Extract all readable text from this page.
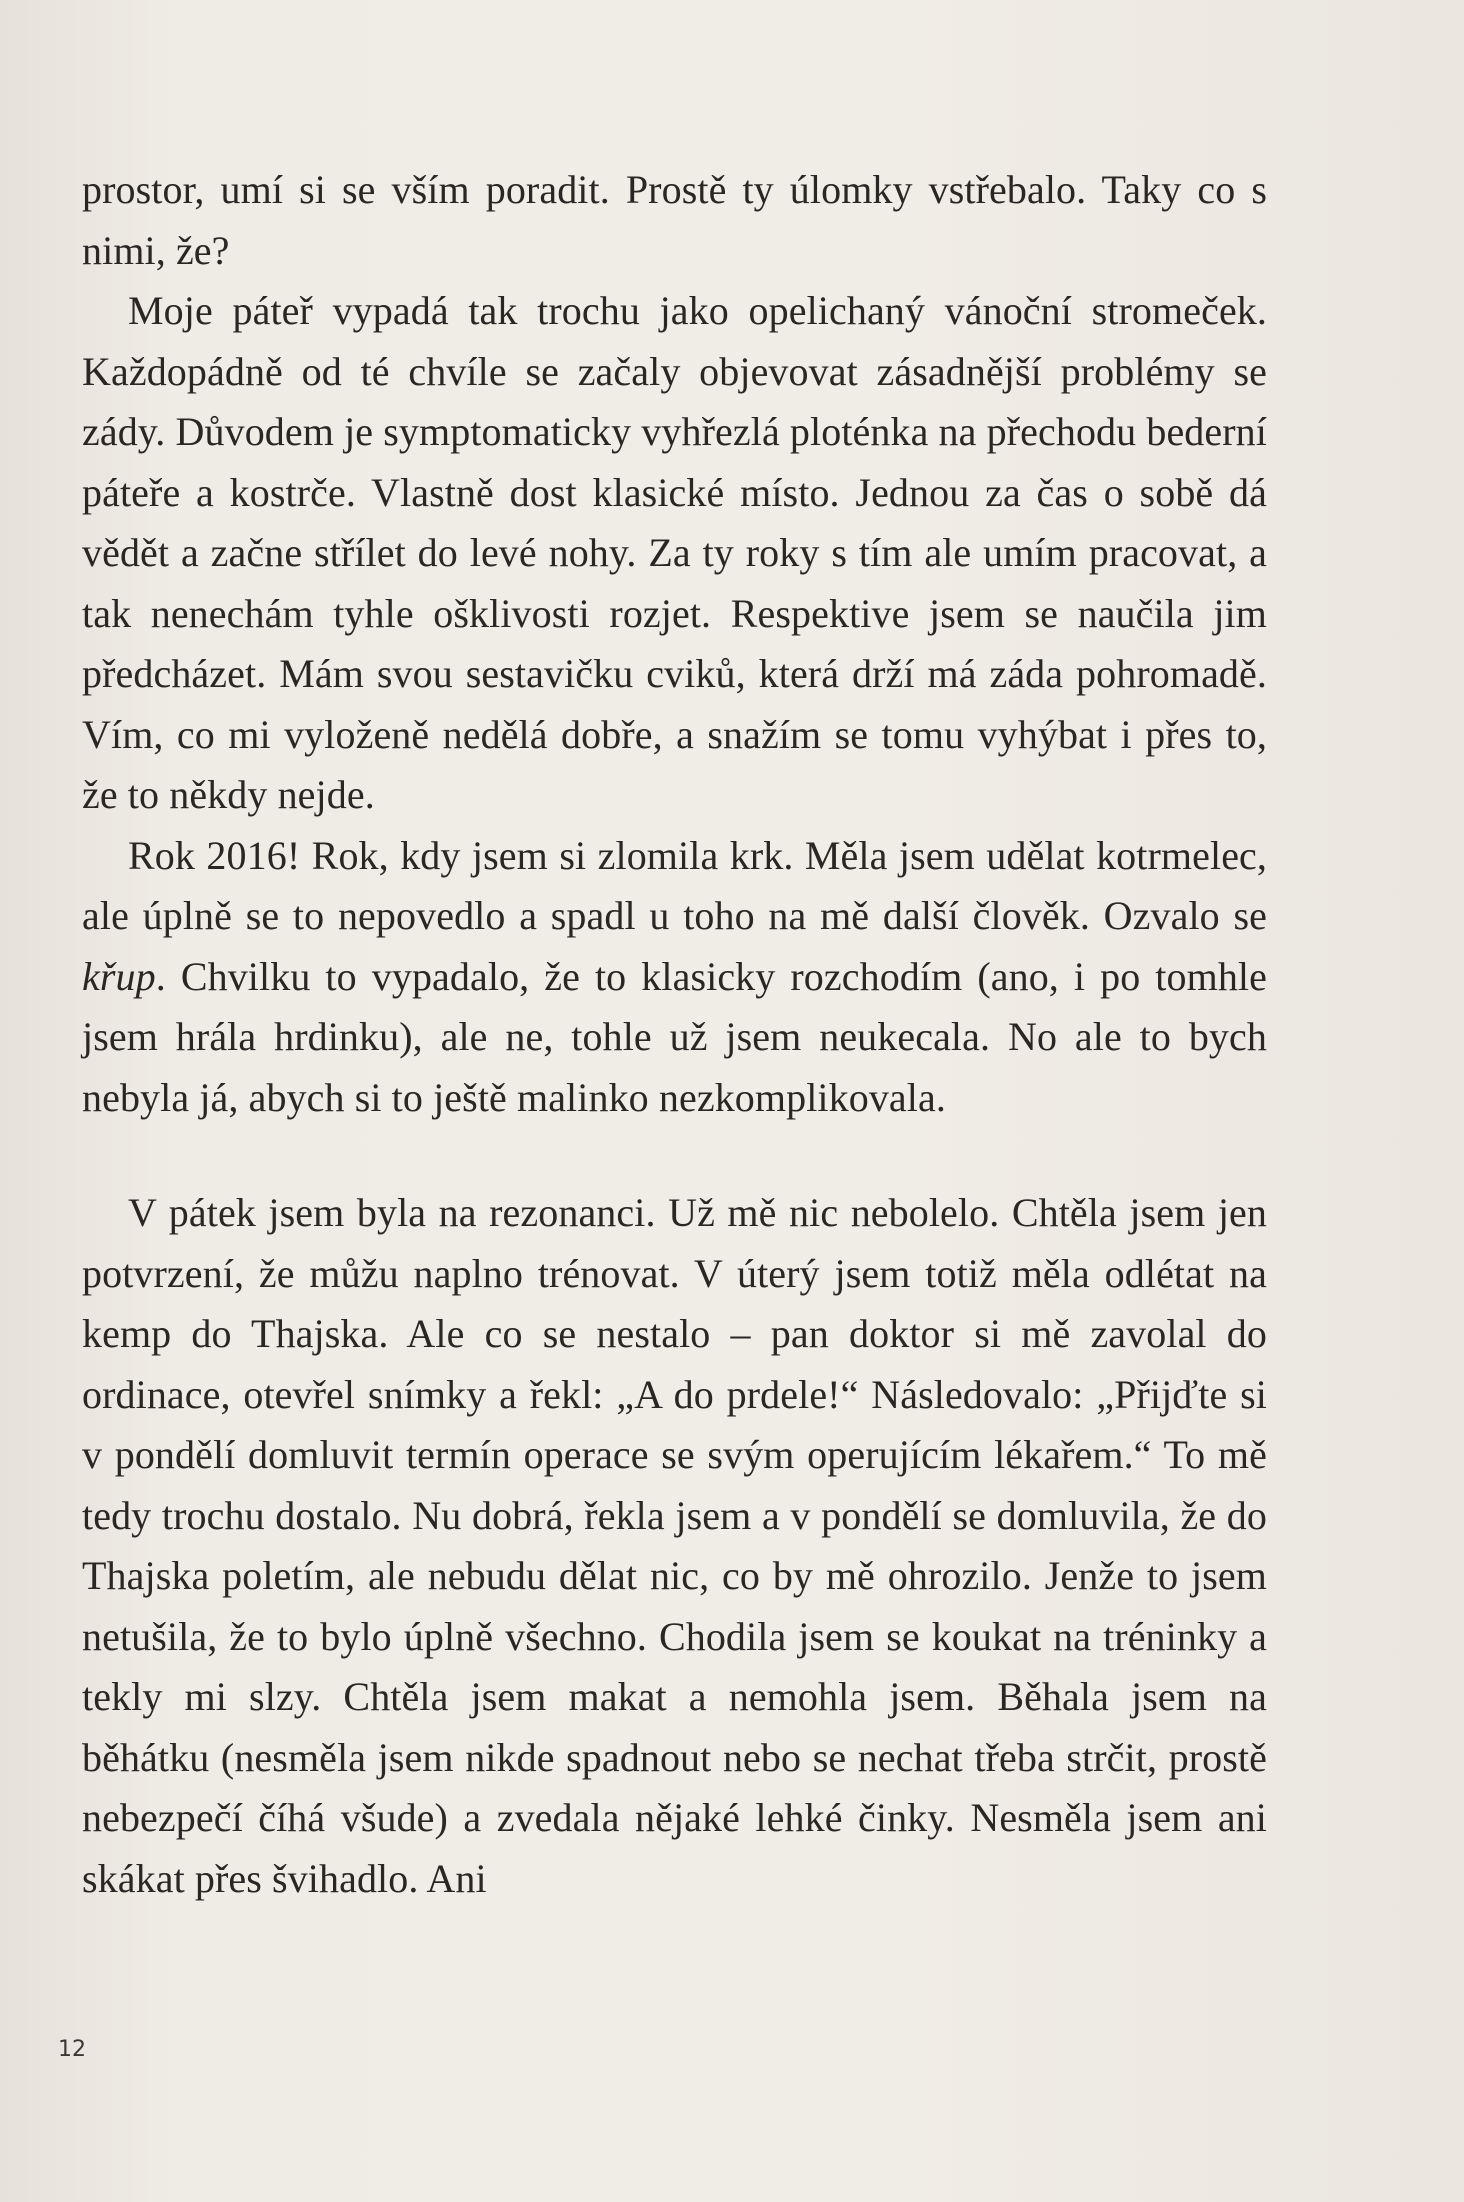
prostor, umí si se vším poradit. Prostě ty úlomky vstřebalo. Taky co s nimi, že?

Moje páteř vypadá tak trochu jako opelichaný vánoční stromeček. Každopádně od té chvíle se začaly objevovat zásadnější problémy se zády. Důvodem je symptomaticky vyhřezlá ploténka na přechodu bederní páteře a kostrče. Vlastně dost klasické místo. Jednou za čas o sobě dá vědět a začne střílet do levé nohy. Za ty roky s tím ale umím pracovat, a tak nenechám tyhle ošklivosti rozjet. Respektive jsem se naučila jim předcházet. Mám svou sestavičku cviků, která drží má záda pohromadě. Vím, co mi vyloženě nedělá dobře, a snažím se tomu vyhýbat i přes to, že to někdy nejde.

Rok 2016! Rok, kdy jsem si zlomila krk. Měla jsem udělat kotrmelec, ale úplně se to nepovedlo a spadl u toho na mě další člověk. Ozvalo se křup. Chvilku to vypadalo, že to klasicky rozchodím (ano, i po tomhle jsem hrála hrdinku), ale ne, tohle už jsem neukecala. No ale to bych nebyla já, abych si to ještě malinko nezkomplikovala.

V pátek jsem byla na rezonanci. Už mě nic nebolelo. Chtěla jsem jen potvrzení, že můžu naplno trénovat. V úterý jsem totiž měla odlétat na kemp do Thajska. Ale co se nestalo – pan doktor si mě zavolal do ordinace, otevřel snímky a řekl: „A do prdele!“ Následovalo: „Přijďte si v pondělí domluvit termín operace se svým operujícím lékařem.“ To mě tedy trochu dostalo. Nu dobrá, řekla jsem a v pondělí se domluvila, že do Thajska poletím, ale nebudu dělat nic, co by mě ohrozilo. Jenže to jsem netušila, že to bylo úplně všechno. Chodila jsem se koukat na tréninky a tekly mi slzy. Chtěla jsem makat a nemohla jsem. Běhala jsem na běhátku (nesměla jsem nikde spadnout nebo se nechat třeba strčit, prostě nebezpečí číhá všude) a zvedala nějaké lehké činky. Nesměla jsem ani skákat přes švihadlo. Ani

12
